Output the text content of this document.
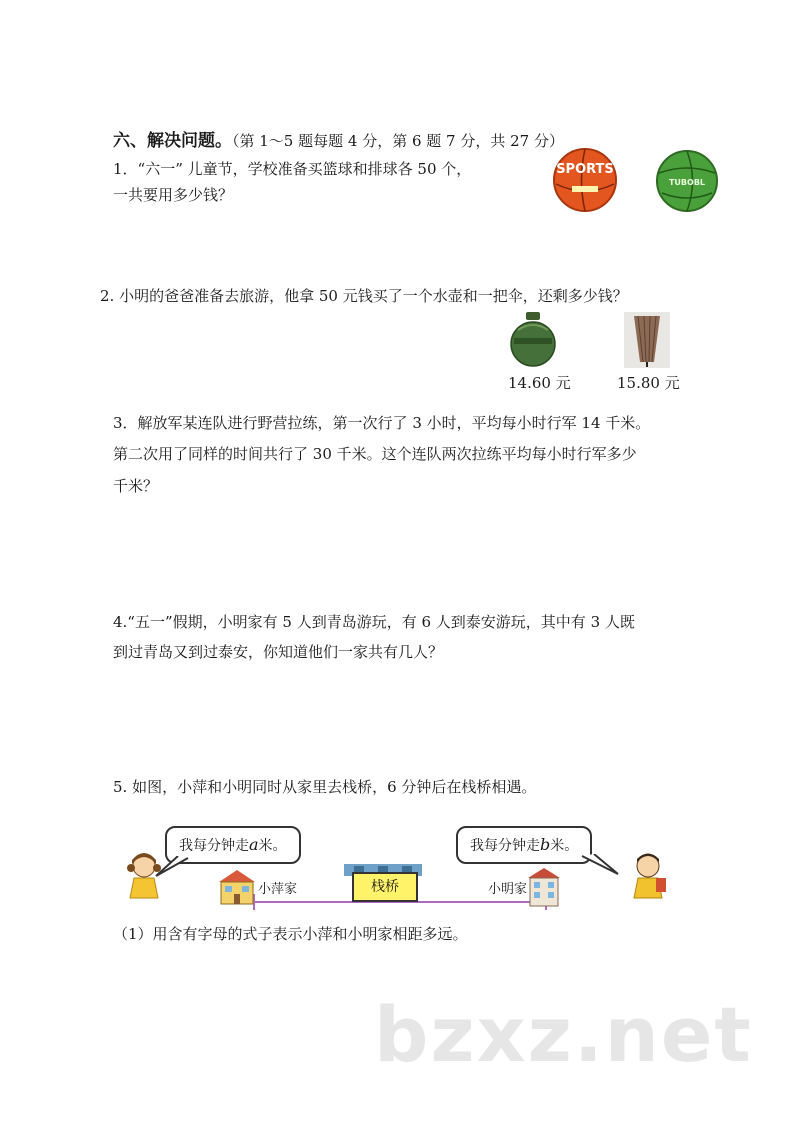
六、解决问题。（第 1～5 题每题 4 分，第 6 题 7 分，共 27 分）
1．“六一” 儿童节，学校准备买篮球和排球各 50 个，
一共要用多少钱？
SPORTS
TUBOBL
2. 小明的爸爸准备去旅游，他拿 50 元钱买了一个水壶和一把伞，还剩多少钱？
14.60 元	15.80 元
3．解放军某连队进行野营拉练，第一次行了 3 小时，平均每小时行军 14 千米。
第二次用了同样的时间共行了 30 千米。这个连队两次拉练平均每小时行军多少
千米？
4.“五一”假期，小明家有 5 人到青岛游玩，有 6 人到泰安游玩，其中有 3 人既
到过青岛又到过泰安，你知道他们一家共有几人？
5. 如图，小萍和小明同时从家里去栈桥，6 分钟后在栈桥相遇。
我每分钟走a米。	我每分钟走b米。
小萍家	栈桥	小明家
（1）用含有字母的式子表示小萍和小明家相距多远。
bzxz.net
